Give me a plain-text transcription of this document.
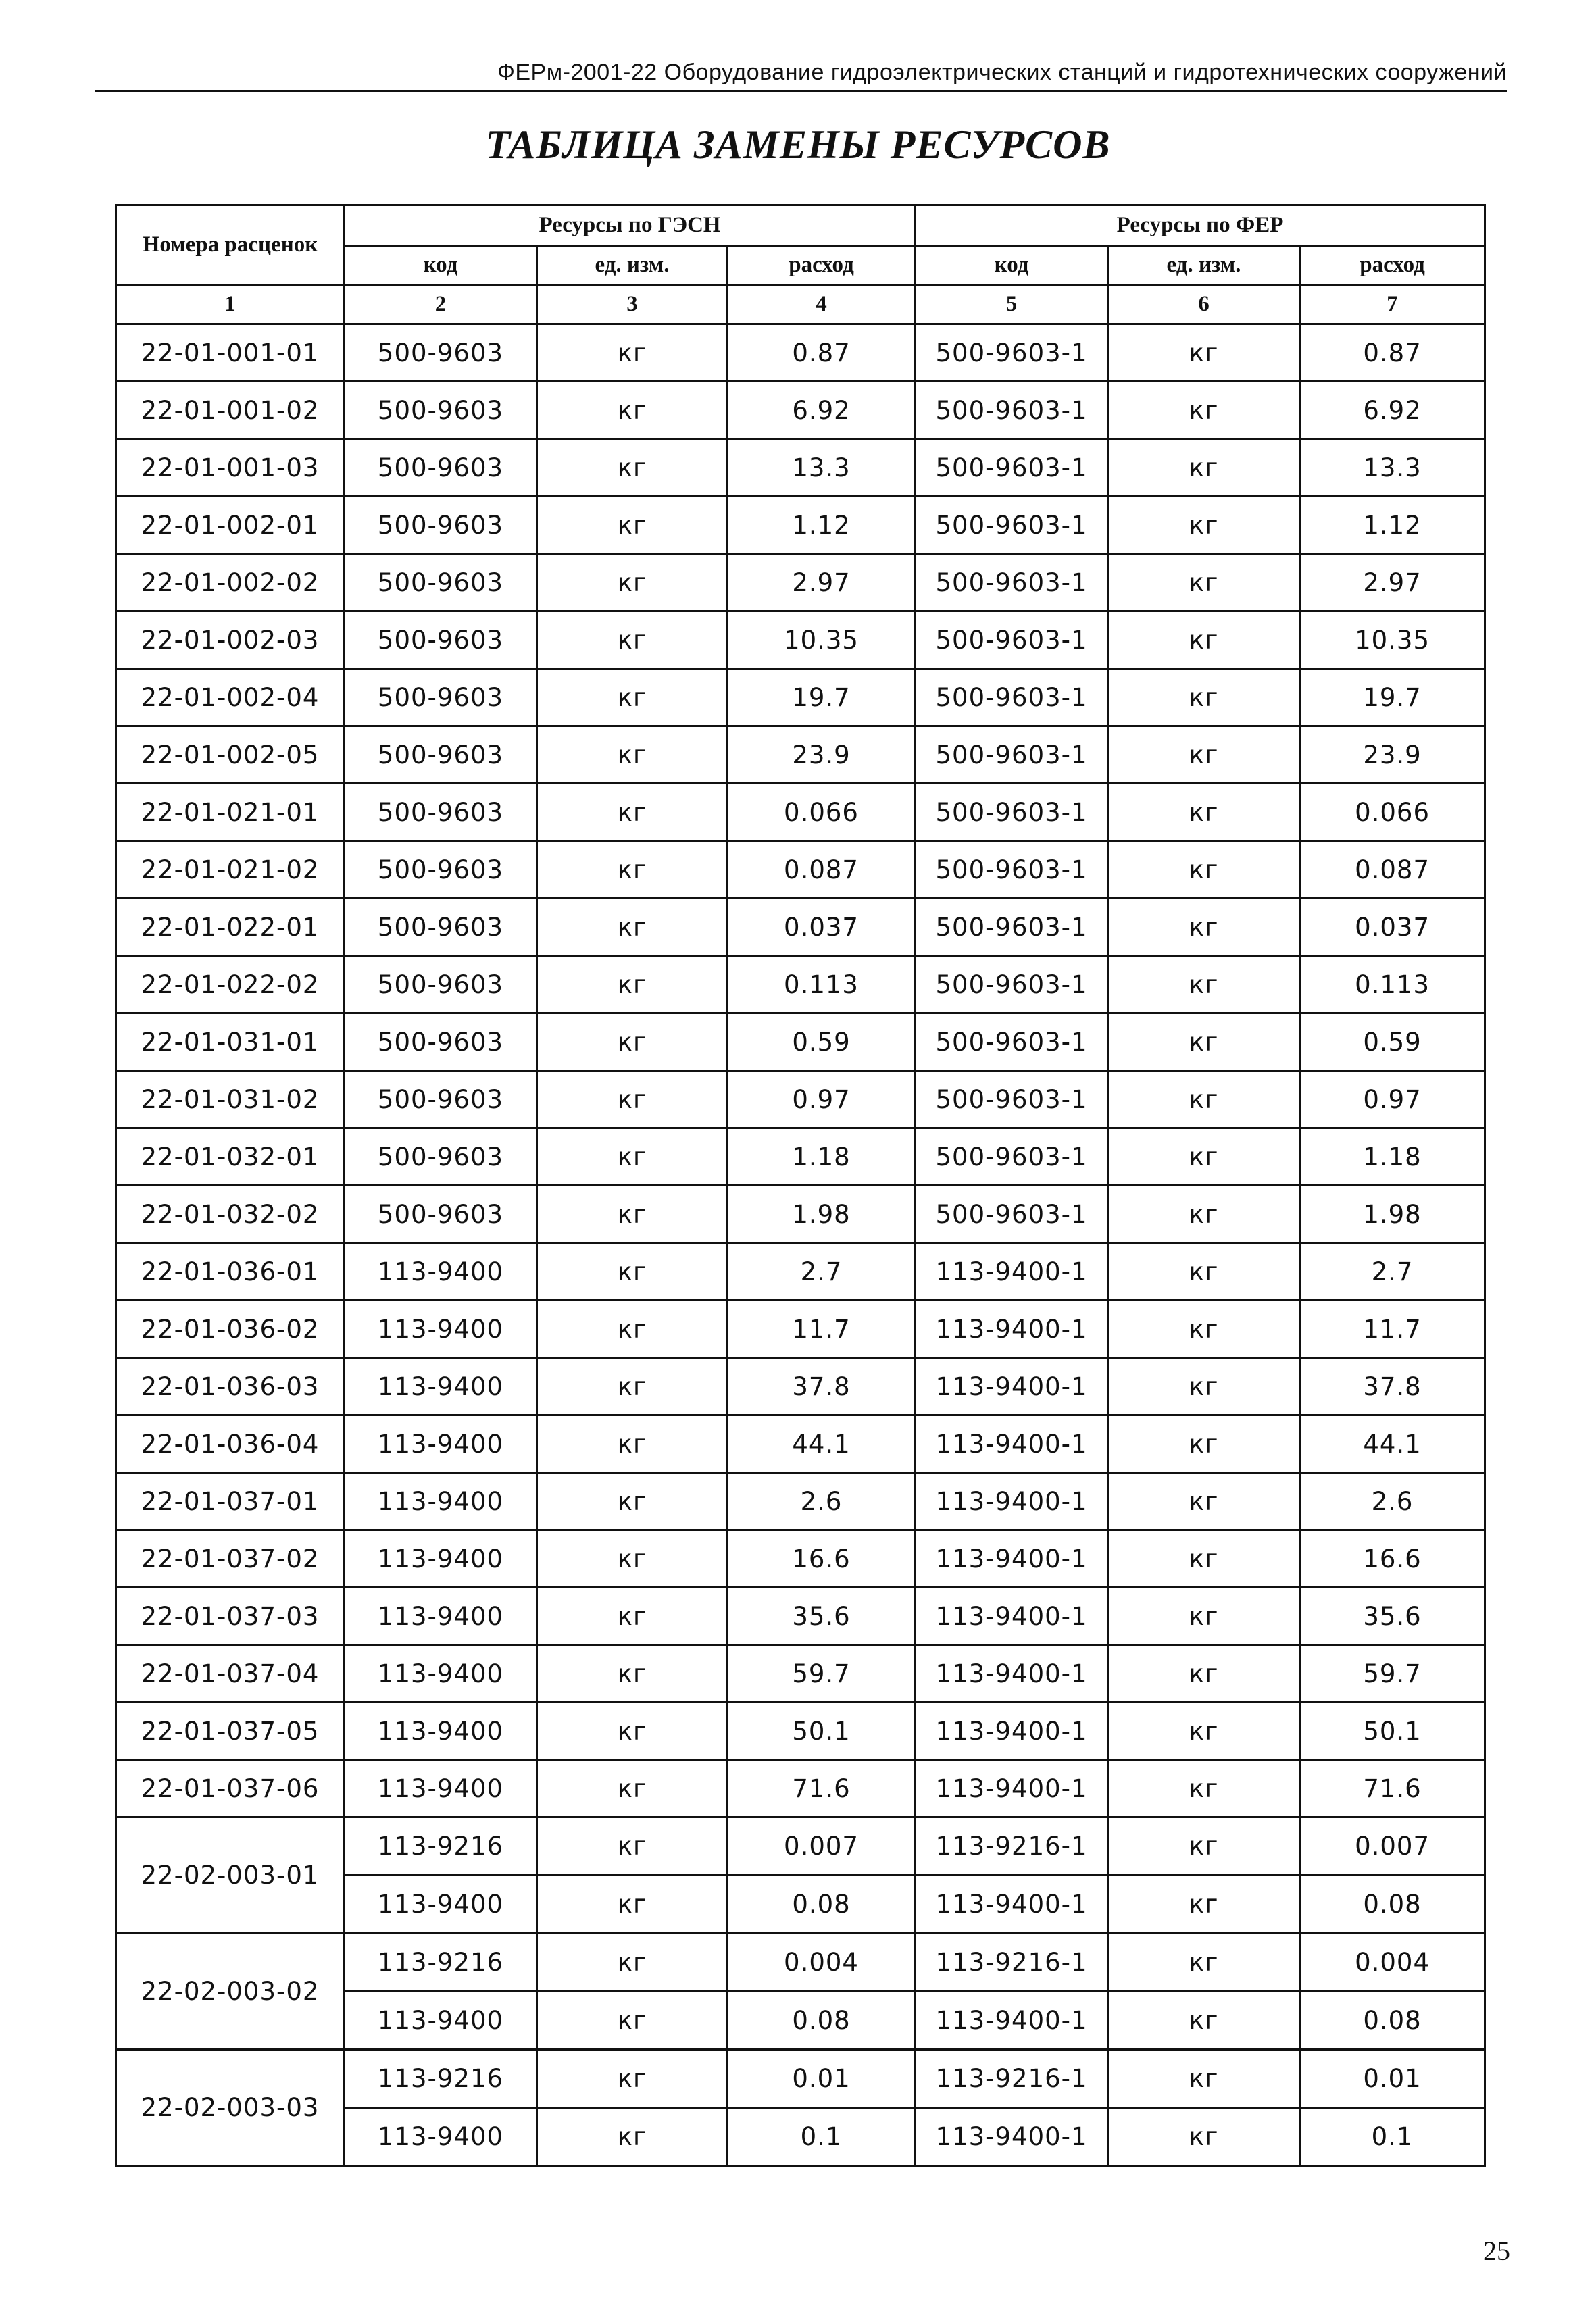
ФЕРм-2001-22 Оборудование гидроэлектрических станций и гидротехнических сооружений
ТАБЛИЦА ЗАМЕНЫ РЕСУРСОВ
Номера расценок	Ресурсы по ГЭСН			Ресурсы по ФЕР		
	код	ед. изм.	расход	код	ед. изм.	расход
1	2	3	4	5	6	7
22-01-001-01	500-9603	кг	0.87	500-9603-1	кг	0.87
22-01-001-02	500-9603	кг	6.92	500-9603-1	кг	6.92
22-01-001-03	500-9603	кг	13.3	500-9603-1	кг	13.3
22-01-002-01	500-9603	кг	1.12	500-9603-1	кг	1.12
22-01-002-02	500-9603	кг	2.97	500-9603-1	кг	2.97
22-01-002-03	500-9603	кг	10.35	500-9603-1	кг	10.35
22-01-002-04	500-9603	кг	19.7	500-9603-1	кг	19.7
22-01-002-05	500-9603	кг	23.9	500-9603-1	кг	23.9
22-01-021-01	500-9603	кг	0.066	500-9603-1	кг	0.066
22-01-021-02	500-9603	кг	0.087	500-9603-1	кг	0.087
22-01-022-01	500-9603	кг	0.037	500-9603-1	кг	0.037
22-01-022-02	500-9603	кг	0.113	500-9603-1	кг	0.113
22-01-031-01	500-9603	кг	0.59	500-9603-1	кг	0.59
22-01-031-02	500-9603	кг	0.97	500-9603-1	кг	0.97
22-01-032-01	500-9603	кг	1.18	500-9603-1	кг	1.18
22-01-032-02	500-9603	кг	1.98	500-9603-1	кг	1.98
22-01-036-01	113-9400	кг	2.7	113-9400-1	кг	2.7
22-01-036-02	113-9400	кг	11.7	113-9400-1	кг	11.7
22-01-036-03	113-9400	кг	37.8	113-9400-1	кг	37.8
22-01-036-04	113-9400	кг	44.1	113-9400-1	кг	44.1
22-01-037-01	113-9400	кг	2.6	113-9400-1	кг	2.6
22-01-037-02	113-9400	кг	16.6	113-9400-1	кг	16.6
22-01-037-03	113-9400	кг	35.6	113-9400-1	кг	35.6
22-01-037-04	113-9400	кг	59.7	113-9400-1	кг	59.7
22-01-037-05	113-9400	кг	50.1	113-9400-1	кг	50.1
22-01-037-06	113-9400	кг	71.6	113-9400-1	кг	71.6
22-02-003-01	113-9216	кг	0.007	113-9216-1	кг	0.007
	113-9400	кг	0.08	113-9400-1	кг	0.08
22-02-003-02	113-9216	кг	0.004	113-9216-1	кг	0.004
	113-9400	кг	0.08	113-9400-1	кг	0.08
22-02-003-03	113-9216	кг	0.01	113-9216-1	кг	0.01
	113-9400	кг	0.1	113-9400-1	кг	0.1
25
